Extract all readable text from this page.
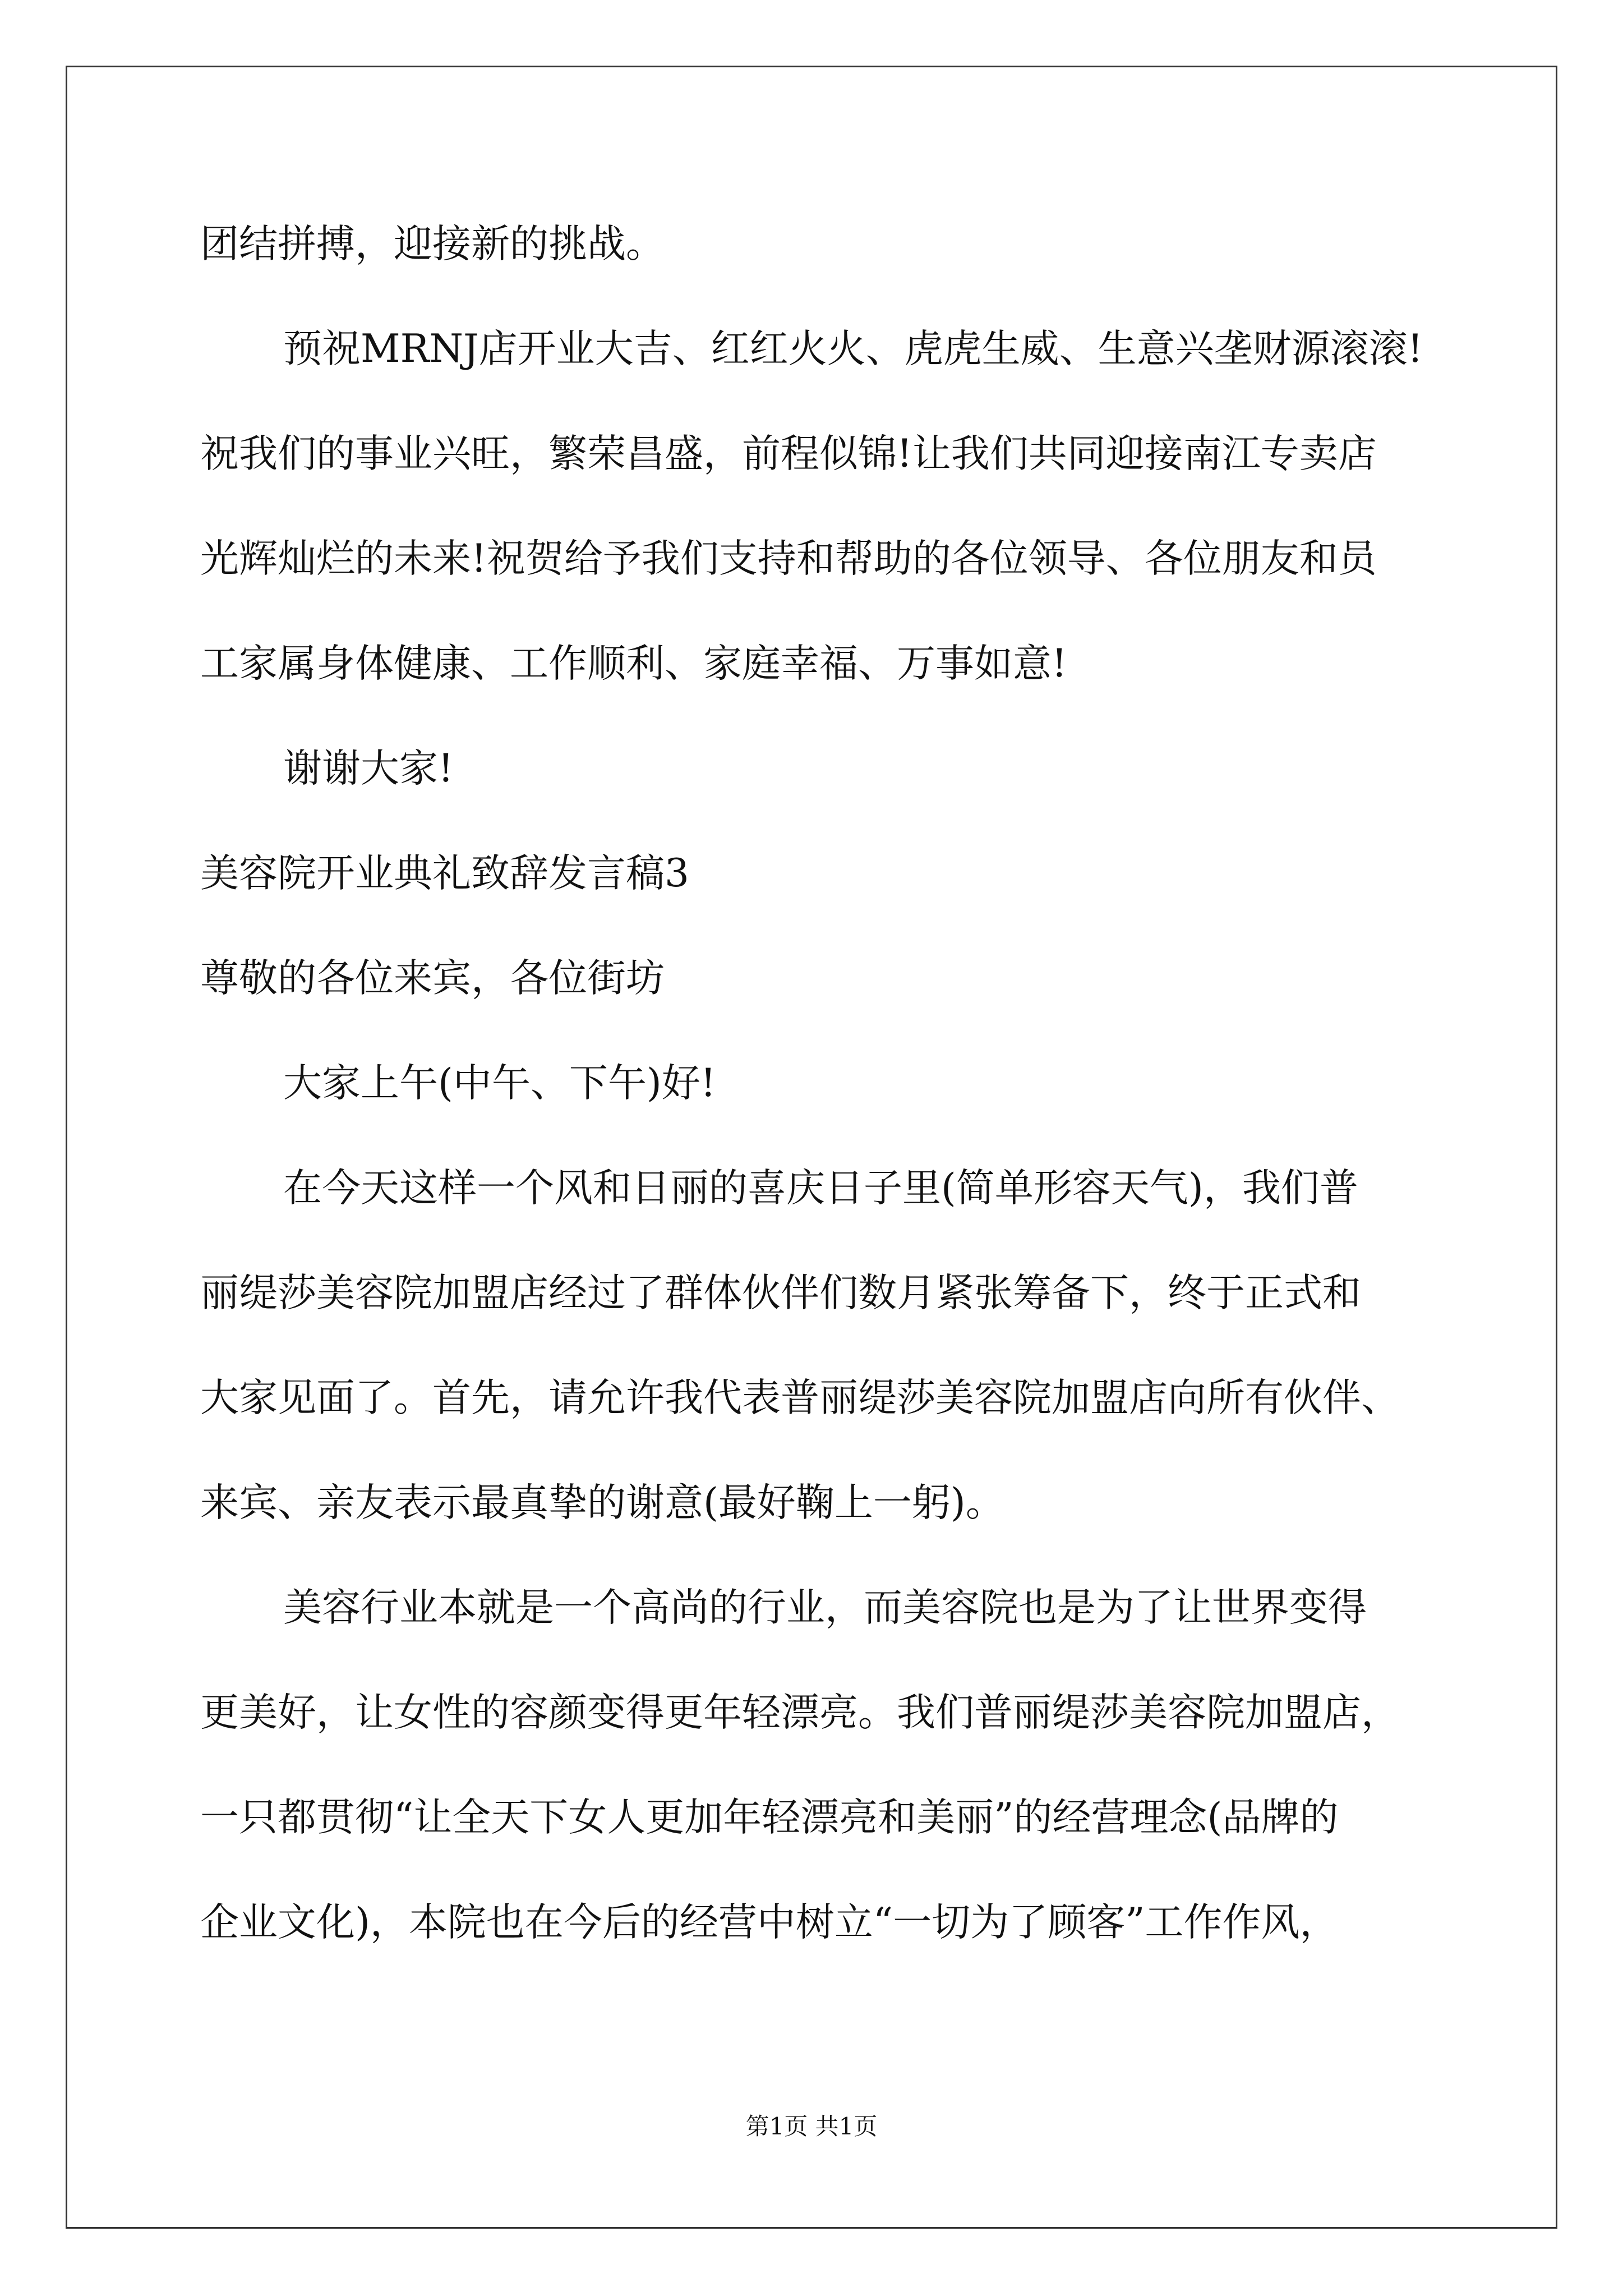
团结拼搏，迎接新的挑战。
预祝MRNJ店开业大吉、红红火火、虎虎生威、生意兴垄财源滚滚!
祝我们的事业兴旺，繁荣昌盛，前程似锦!让我们共同迎接南江专卖店
光辉灿烂的未来!祝贺给予我们支持和帮助的各位领导、各位朋友和员
工家属身体健康、工作顺利、家庭幸福、万事如意!
谢谢大家!
美容院开业典礼致辞发言稿3
尊敬的各位来宾，各位街坊
大家上午(中午、下午)好!
在今天这样一个风和日丽的喜庆日子里(简单形容天气)，我们普
丽缇莎美容院加盟店经过了群体伙伴们数月紧张筹备下，终于正式和
大家见面了。首先，请允许我代表普丽缇莎美容院加盟店向所有伙伴、
来宾、亲友表示最真挚的谢意(最好鞠上一躬)。
美容行业本就是一个高尚的行业，而美容院也是为了让世界变得
更美好，让女性的容颜变得更年轻漂亮。我们普丽缇莎美容院加盟店，
一只都贯彻“让全天下女人更加年轻漂亮和美丽”的经营理念(品牌的
企业文化)，本院也在今后的经营中树立“一切为了顾客”工作作风，
第1页 共1页
